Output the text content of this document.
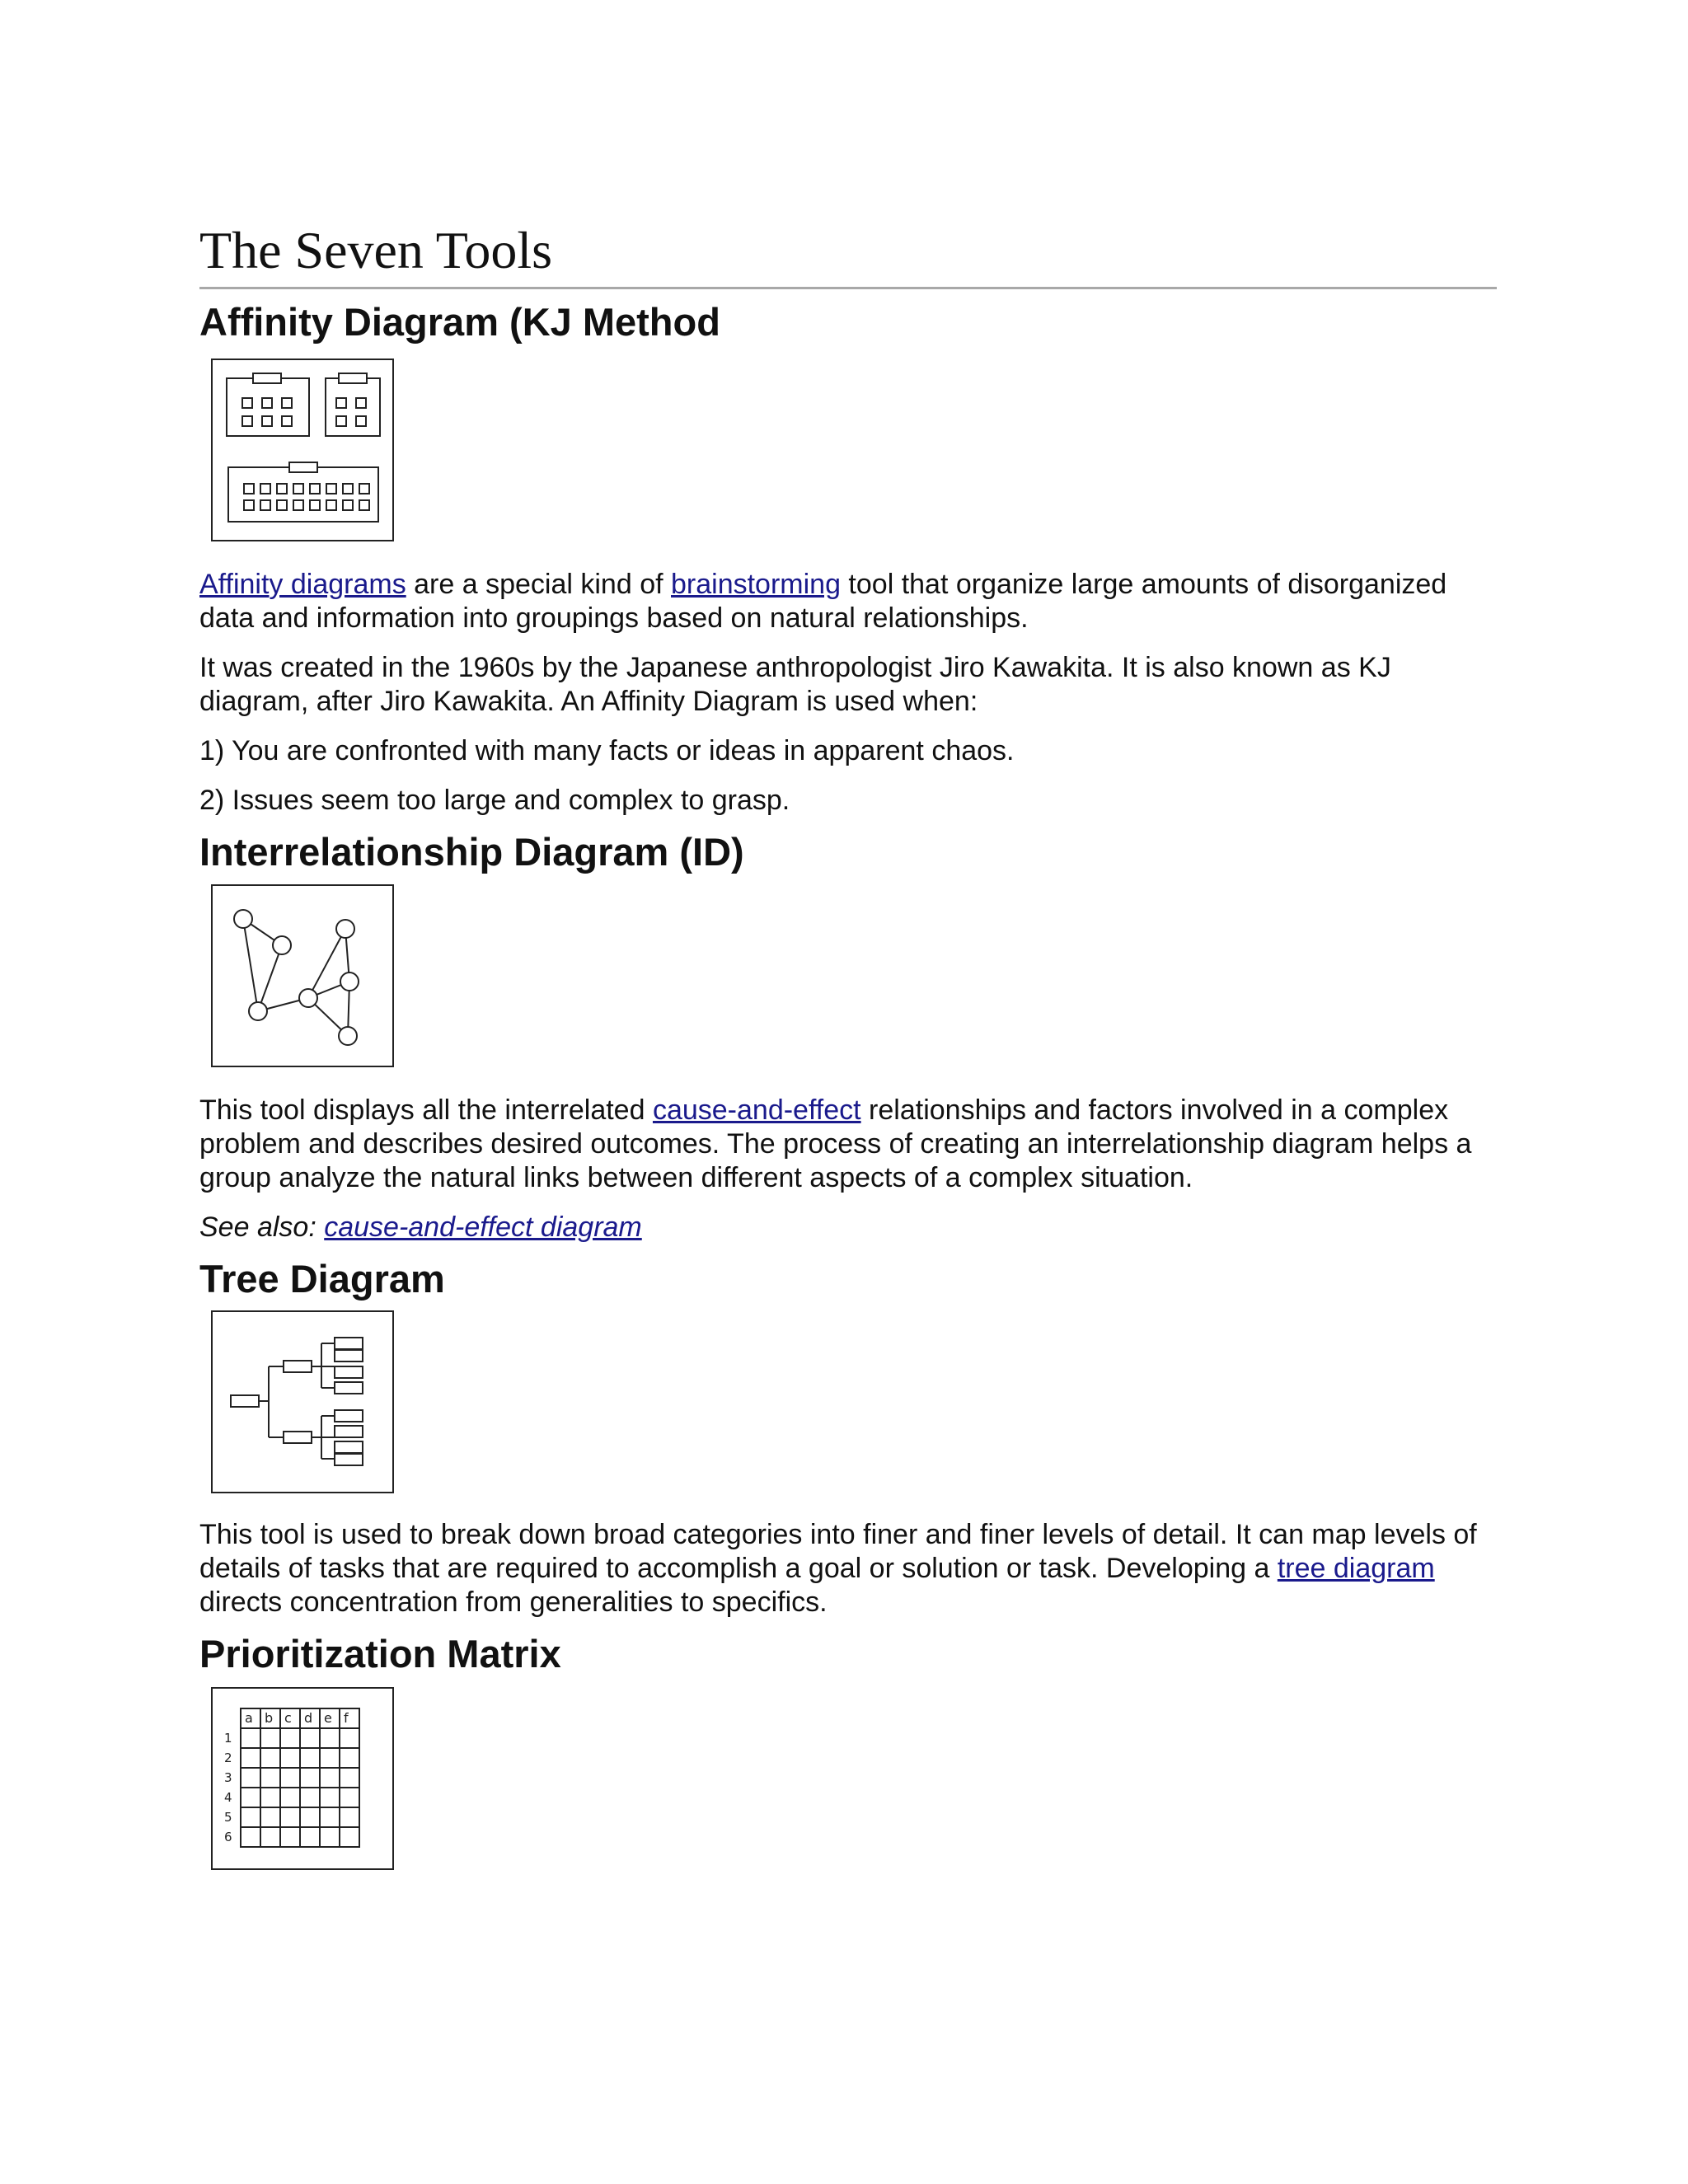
The Seven Tools
Affinity Diagram (KJ Method

Affinity diagrams are a special kind of brainstorming tool that organize large amounts of disorganized data and information into groupings based on natural relationships.

It was created in the 1960s by the Japanese anthropologist Jiro Kawakita. It is also known as KJ diagram, after Jiro Kawakita. An Affinity Diagram is used when:

1) You are confronted with many facts or ideas in apparent chaos.

2) Issues seem too large and complex to grasp.

Interrelationship Diagram (ID)

This tool displays all the interrelated cause-and-effect relationships and factors involved in a complex problem and describes desired outcomes. The process of creating an interrelationship diagram helps a group analyze the natural links between different aspects of a complex situation.

See also: cause-and-effect diagram

Tree Diagram

This tool is used to break down broad categories into finer and finer levels of detail. It can map levels of details of tasks that are required to accomplish a goal or solution or task. Developing a tree diagram directs concentration from generalities to specifics.

Prioritization Matrix
a b c d e f
1
2
3
4
5
6
